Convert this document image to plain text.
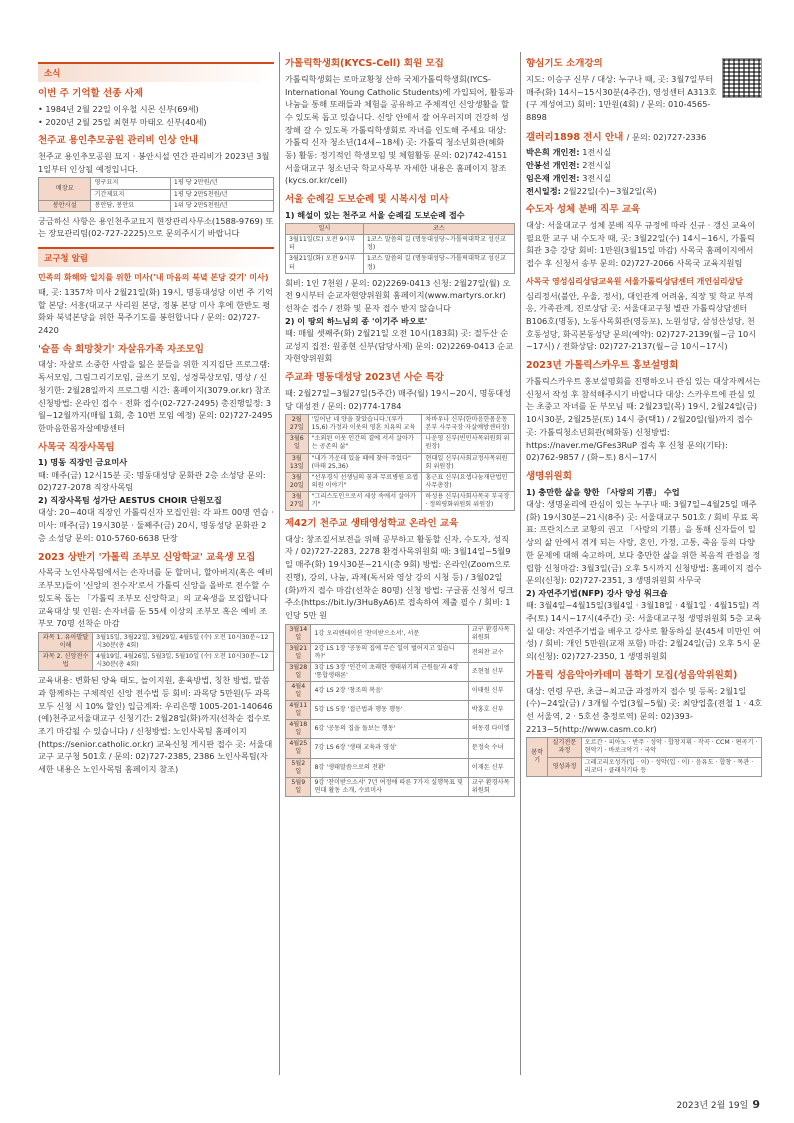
소식
이번 주 기억할 선종 사제
• 1984년 2월 22일 이우철 시몬 신부(69세)
• 2020년 2월 25일 최현부 마태오 신부(40세)
천주교 용인추모공원 관리비 인상 안내
천주교 용인추모공원 묘지 · 봉안시설 연간 관리비가 2023년 3월 1일부터 인상될 예정입니다.
매장묘	영구묘지	1평 당 2만원/년
	기간제묘지	1평 당 2만5천원/년
봉안시설	봉안담, 봉안묘	1위 당 2만5천원/년
궁금하신 사항은 용인천주교묘지 현장관리사무소(1588-9769) 또는 장묘관리팀(02-727-2225)으로 문의주시기 바랍니다
교구청 알림
민족의 화해와 일치를 위한 미사('내 마음의 북녘 본당 갖기' 미사)
때, 곳: 1357차 미사 2월21일(화) 19시, 명동대성당 이번 주 기억할 본당: 서흥(대교구 사리원 본당, 정봉 본당 미사 후에 한반도 평화와 북녘본당을 위한 묵주기도를 봉헌합니다 / 문의: 02)727-2420
'슬픔 속 희망찾기' 자살유가족 자조모임
대상: 자살로 소중한 사람을 잃은 분들을 위한 지지집단 프로그램: 독서모임, 그림그리기모임, 글쓰기 모임, 성경묵상모임, 명상 / 신청기한: 2월28일까지 프로그램 시간: 홈페이지(3079.or.kr) 참조 신청방법: 온라인 접수 · 전화 접수(02-727-2495) 총진행일정: 3월~12월까지(매월 1회, 총 10번 모임 예정) 문의: 02)727-2495 한마음한몸자살예방센터
사목국 직장사목팀
1) 명동 직장인 금요미사
때: 매주(금) 12시15분 곳: 명동대성당 문화관 2층 소성당 문의: 02)727-2078 직장사목팀
2) 직장사목팀 성가단 AESTUS CHOIR 단원모집
대상: 20~40대 직장인 가톨릭신자 모집인원: 각 파트 00명 연습 · 미사: 매주(금) 19시30분 · 둘째주(금) 20시, 명동성당 문화관 2층 소성당 문의: 010-5760-6638 단장
2023 상반기 '가톨릭 조부모 신앙학교' 교육생 모집
사목국 노인사목팀에서는 손자녀를 둔 할머니, 할아버지(혹은 예비 조부모)들이 '신앙의 전수자'로서 가톨릭 신앙을 올바로 전수할 수 있도록 돕는 「가톨릭 조부모 신앙학교」의 교육생을 모집합니다 교육대상 및 인원: 손자녀를 둔 55세 이상의 조부모 혹은 예비 조부모 70명 선착순 마감
과목 1. 유아발달이해	3월15일, 3월22일, 3월29일, 4월5일 (수) 오전 10시30분~12시30분(총 4회)
과목 2. 신앙전수법	4월19일, 4월26일, 5월3일, 5월10일 (수) 오전 10시30분~12시30분(총 4회)
교육내용: 변화된 양육 태도, 놀이지원, 훈육방법, 칭찬 방법, 말씀과 함께하는 구체적인 신앙 전수법 등 회비: 과목당 5만원(두 과목 모두 신청 시 10% 할인) 입금계좌: 우리은행 1005-201-140646 (예)천주교서울대교구 신청기간: 2월28일(화)까지(선착순 접수로 조기 마감될 수 있습니다) / 신청방법: 노인사목팀 홈페이지(https://senior.catholic.or.kr) 교육신청 게시판 접수 곳: 서울대교구 교구청 501호 / 문의: 02)727-2385, 2386 노인사목팀(자세한 내용은 노인사목팀 홈페이지 참조)
가톨릭학생회(KYCS-Cell) 회원 모집
가톨릭학생회는 로마교황청 산하 국제가톨릭학생회(IYCS-International Young Catholic Students)에 가입되어, 활동과 나눔을 통해 또래들과 체험을 공유하고 주체적인 신앙생활을 할 수 있도록 돕고 있습니다. 신앙 안에서 잘 어우러지며 건강히 성장해 갈 수 있도록 가톨릭학생회로 자녀를 인도해 주세요 대상: 가톨릭 신자 청소년(14세~18세) 곳: 가톨릭 청소년회관(혜화동) 활동: 정기적인 학생모임 및 체험활동 문의: 02)742-4151 서울대교구 청소년국 학교사목부 자세한 내용은 홈페이지 참조(kycs.or.kr/cell)
서울 순례길 도보순례 및 시복시성 미사
1) 해설이 있는 천주교 서울 순례길 도보순례 접수
일시	코스
3월11일(토) 오전 9시부터	1코스 말씀의 길 (명동대성당~가톨릭대학교 성신교정)
3월21일(화) 오전 9시부터	1코스 말씀의 길 (명동대성당~가톨릭대학교 성신교정)
회비: 1인 7천원 / 문의: 02)2269-0413 신청: 2월27일(월) 오전 9시부터 순교자현양위원회 홈페이지(www.martyrs.or.kr) 선착순 접수 / 전화 및 문자 접수 받지 않습니다
2) 이 땅의 하느님의 종 '이기주 바오로'
때: 매월 셋째주(화) 2월21일 오전 10시(183회) 곳: 절두산 순교성지 집전: 원종현 신부(담당사제) 문의: 02)2269-0413 순교자현양위원회
주교좌 명동대성당 2023년 사순 특강
때: 2월27일~3월27일(5주간) 매주(월) 19시~20시, 명동대성당 대성전 / 문의: 02)774-1784
2월27일	'일어난 네 양을 찾았습니다.'(루카 15,6) 가정과 이웃의 영혼 치유의 교육	차바우나 신부(한마음한몸운동본부 사무국장·자살예방센터장)
3월6일	"소외된 이웃 인간의 곁에 서서 살아가는 공존의 삶"	나운영 신부(빈민사목위원회 위원장)
3월13일	"내가 가운데 있을 때에 찾아 주었다"(마태 25,36)	현대일 신부(사회교정사목위원회 위원장)
3월20일	"선우경식 선생님의 꿈과 무료병원 요셉의원 이야기"	홍근표 신부(요셉나눔재단법인 사무총장)
3월27일	"그리스도인으로서 세상 속에서 살아가기"	하성용 신부(사회사목국 부국장 · 정의평화위원회 위원장)
제42기 천주교 생태영성학교 온라인 교육
대상: 창조질서보전을 위해 공부하고 활동할 신자, 수도자, 성직자 / 02)727-2283, 2278 환경사목위원회 때: 3월14일~5월9일 매주(화) 19시30분~21시(총 9회) 방법: 온라인(Zoom으로 진행), 강의, 나눔, 과제(독서와 영상 강의 시청 등) / 3월02일(화)까지 접수 마감(선착순 80명) 신청 방법: 구글폼 신청서 링크 주소(https://bit.ly/3Hu8yA6)로 접속하여 제출 필수 / 회비: 1인당 5만 원
3월14일	1강 오리엔테이션 '찬미받으소서', 서문	교구 환경사목위원회
3월21일	2강 LS 1장 '공동의 집에 무슨 일이 벌어지고 있습니까?'	전의찬 교수
3월28일	3강 LS 3장 '인간이 초래한 생태위기의 근원들'과 4장 '통합생태론'	조현철 신부
4월4일	4강 LS 2장 '창조의 복음'	이태원 신부
4월11일	5강 LS 5장 '접근법과 행동 행동'	박홍호 신부
4월18일	6강 '공동의 집을 돌보는 행동'	허동경 다미엘
4월25일	7강 LS 6장 '생태 교육과 영성'	문정숙 수녀
5월2일	8강 '생태말씀으로의 전환'	이재돈 신부
5월9일	9강 '찬미받으소서' 7년 여정에 따른 7가지 실행목표 및 연대 활동 소개, 수료미사	교구 환경사목위원회
향심기도 소개강의
지도: 이승구 신부 / 대상: 누구나 때, 곳: 3월7일부터 매주(화) 14시~15시30분(4주간), 영성센터 A313호(구 계성여고) 회비: 1만원(4회) / 문의: 010-4565-8898
갤러리1898 전시 안내 / 문의: 02)727-2336
박은희 개인전: 1전시실
안봉선 개인전: 2전시실
임은재 개인전: 3전시실
전시일정: 2월22일(수)~3월2일(목)
수도자 성체 분배 직무 교육
대상: 서울대교구 성체 분배 직무 규정에 따라 신규 · 갱신 교육이 필요한 교구 내 수도자 때, 곳: 3월22일(수) 14시~16시, 가톨릭회관 3층 강당 회비: 1만원(3월15일 마감) 사목국 홈페이지에서 접수 후 신청서 송부 문의: 02)727-2066 사목국 교육지원팀
사목국 영성심리상담교육원 서울가톨릭상담센터 개인심리상담
심리정서(불안, 우울, 정서), 대인관계 어려움, 직장 및 학교 부적응, 가족관계, 진로상담 곳: 서울대교구청 별관 가톨릭상담센터 B106호(명동), 노동사목회관(영등포), 노원성당, 삼성산성당, 천호동성당, 화곡본동성당 문의(예약): 02)727-2139(월~금 10시~17시) / 전화상담: 02)727-2137(월~금 10시~17시)
2023년 가톨릭스카우트 홍보설명회
가톨릭스카우트 홍보설명회를 진행하오니 관심 있는 대상자께서는 신청서 작성 후 참석해주시기 바랍니다 대상: 스카우트에 관심 있는 초중고 자녀를 둔 부모님 때: 2월23일(목) 19시, 2월24일(금) 10시30분, 2월25분(토) 14시 중(택1) / 2월20일(월)까지 접수 곳: 가톨릭청소년회관(혜화동) 신청방법: https://naver.me/GFes3RuP 접속 후 신청 문의(기타): 02)762-9857 / (화~토) 8시~17시
생명위원회
1) 충만한 삶을 향한 「사랑의 기쁨」 수업
대상: 생명윤리에 관심이 있는 누구나 때: 3월7일~4월25일 매주(화) 19시30분~21시(8주) 곳: 서울대교구 501호 / 회비 무료 목표: 프란치스코 교황의 권고 「사랑의 기쁨」을 통해 신자들이 일상의 삶 안에서 겪게 되는 사랑, 혼인, 가정, 고통, 죽음 등의 다양한 문제에 대해 숙고하며, 보다 충만한 삶을 위한 복음적 관점을 정립함 신청마감: 3월3일(금) 오후 5시까지 신청방법: 홈페이지 접수 문의(신청): 02)727-2351, 3 생명위원회 사무국
2) 자연주기법(NFP) 강사 양성 워크숍
때: 3월4일~4월15일(3월4일 · 3월18일 · 4월1일 · 4월15일) 격주(토) 14시~17시(4주간) 곳: 서울대교구청 생명위원회 5층 교육실 대상: 자연주기법을 배우고 강사로 활동하실 분(45세 미만인 여성) / 회비: 개인 5만원(교재 포함) 마감: 2월24일(금) 오후 5시 문의(신청): 02)727-2350, 1 생명위원회
가톨릭 성음악아카데미 봄학기 모집(성음악위원회)
대상: 연령 무관, 초급~최고급 과정까지 접수 및 등록: 2월1일(수)~24일(금) / 3개월 수업(3월~5월) 곳: 최양업홀(전철 1 · 4호선 서울역, 2 · 5호선 충정로역) 문의: 02)393-2213~5(http://www.casm.co.kr)
봄학기	실기전문과정	오르간 · 피아노 · 반주 · 성악 · 합창지휘 · 작곡 · CCM · 편곡기 · 현악기 · 바로크악기 · 국악
	영성과정	그레고리오성가(입 · 이) · 성악(입 · 이) · 음유도 · 합창 · 목관 · 리코더 · 클래식기타 등
2023년 2월 19일 9
